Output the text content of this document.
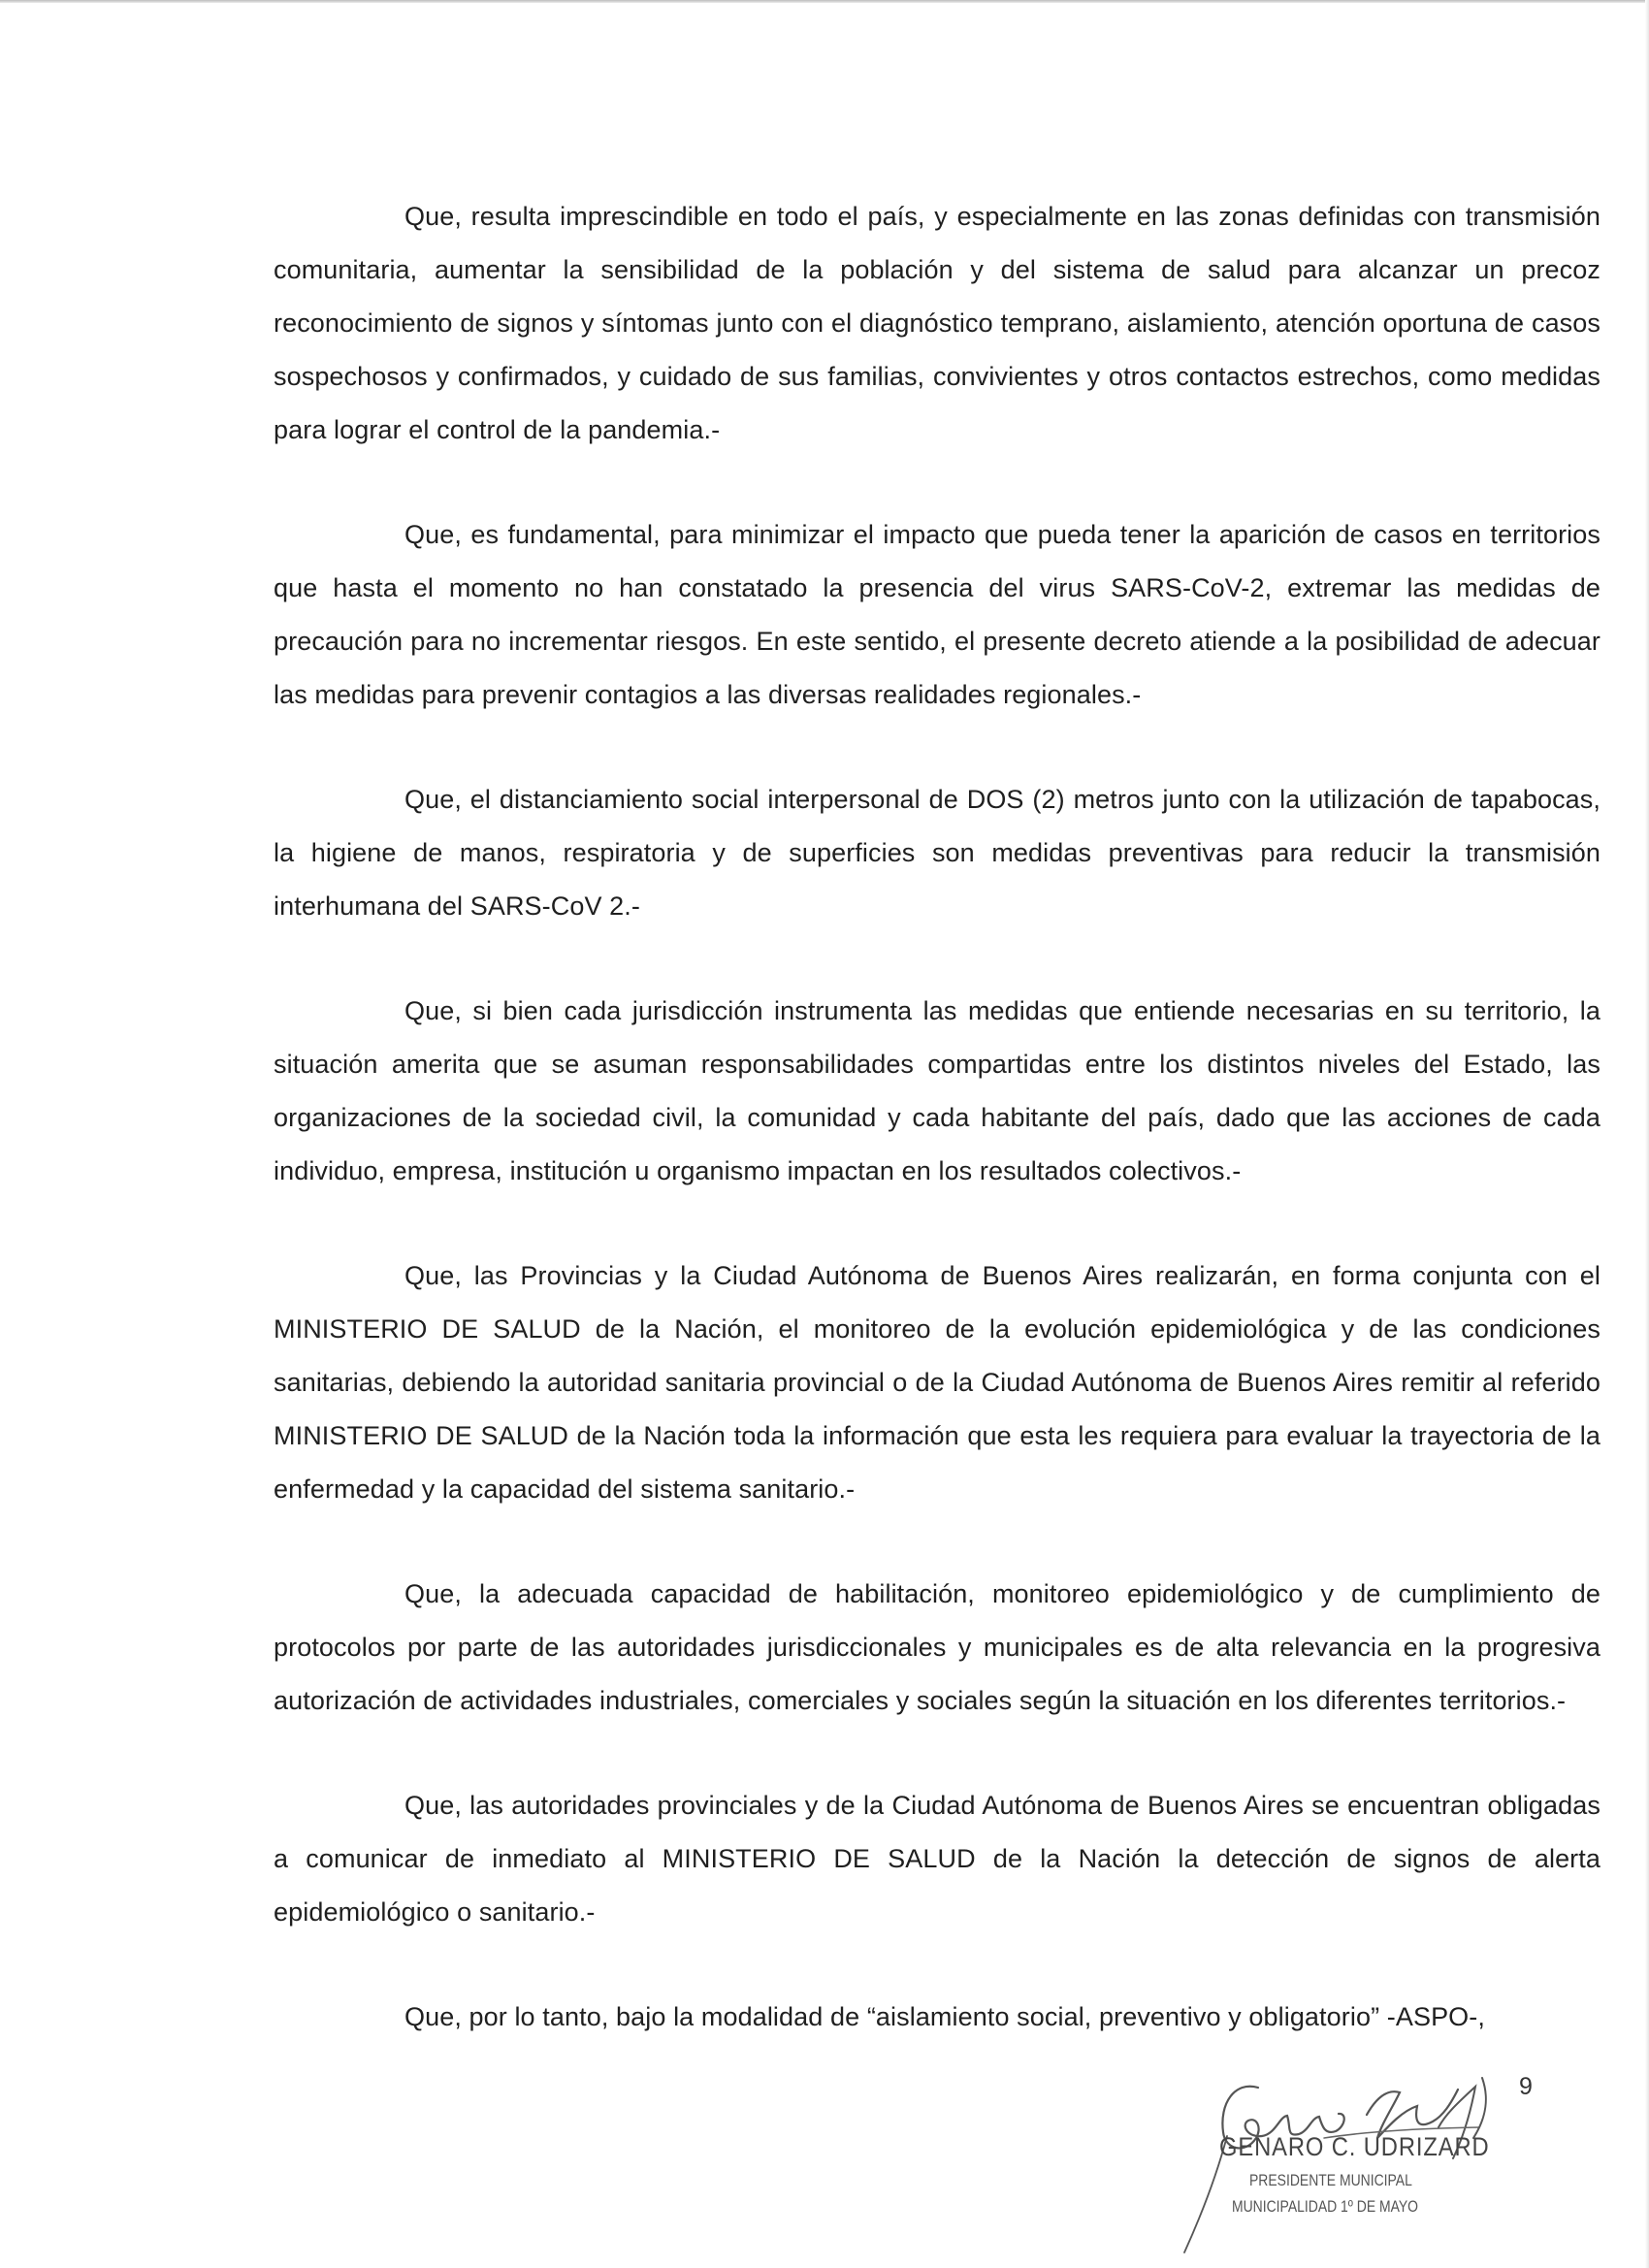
Que, resulta imprescindible en todo el país, y especialmente en las zonas definidas con transmisión comunitaria, aumentar la sensibilidad de la población y del sistema de salud para alcanzar un precoz reconocimiento de signos y síntomas junto con el diagnóstico temprano, aislamiento, atención oportuna de casos sospechosos y confirmados, y cuidado de sus familias, convivientes y otros contactos estrechos, como medidas para lograr el control de la pandemia.-

Que, es fundamental, para minimizar el impacto que pueda tener la aparición de casos en territorios que hasta el momento no han constatado la presencia del virus SARS-CoV-2, extremar las medidas de precaución para no incrementar riesgos. En este sentido, el presente decreto atiende a la posibilidad de adecuar las medidas para prevenir contagios a las diversas realidades regionales.-

Que, el distanciamiento social interpersonal de DOS (2) metros junto con la utilización de tapabocas, la higiene de manos, respiratoria y de superficies son medidas preventivas para reducir la transmisión interhumana del SARS-CoV 2.-

Que, si bien cada jurisdicción instrumenta las medidas que entiende necesarias en su territorio, la situación amerita que se asuman responsabilidades compartidas entre los distintos niveles del Estado, las organizaciones de la sociedad civil, la comunidad y cada habitante del país, dado que las acciones de cada individuo, empresa, institución u organismo impactan en los resultados colectivos.-

Que, las Provincias y la Ciudad Autónoma de Buenos Aires realizarán, en forma conjunta con el MINISTERIO DE SALUD de la Nación, el monitoreo de la evolución epidemiológica y de las condiciones sanitarias, debiendo la autoridad sanitaria provincial o de la Ciudad Autónoma de Buenos Aires remitir al referido MINISTERIO DE SALUD de la Nación toda la información que esta les requiera para evaluar la trayectoria de la enfermedad y la capacidad del sistema sanitario.-

Que, la adecuada capacidad de habilitación, monitoreo epidemiológico y de cumplimiento de protocolos por parte de las autoridades jurisdiccionales y municipales es de alta relevancia en la progresiva autorización de actividades industriales, comerciales y sociales según la situación en los diferentes territorios.-

Que, las autoridades provinciales y de la Ciudad Autónoma de Buenos Aires se encuentran obligadas a comunicar de inmediato al MINISTERIO DE SALUD de la Nación la detección de signos de alerta epidemiológico o sanitario.-

Que, por lo tanto, bajo la modalidad de “aislamiento social, preventivo y obligatorio” -ASPO-,

GENARO C. UDRIZARD
PRESIDENTE MUNICIPAL
MUNICIPALIDAD 1º DE MAYO
9
